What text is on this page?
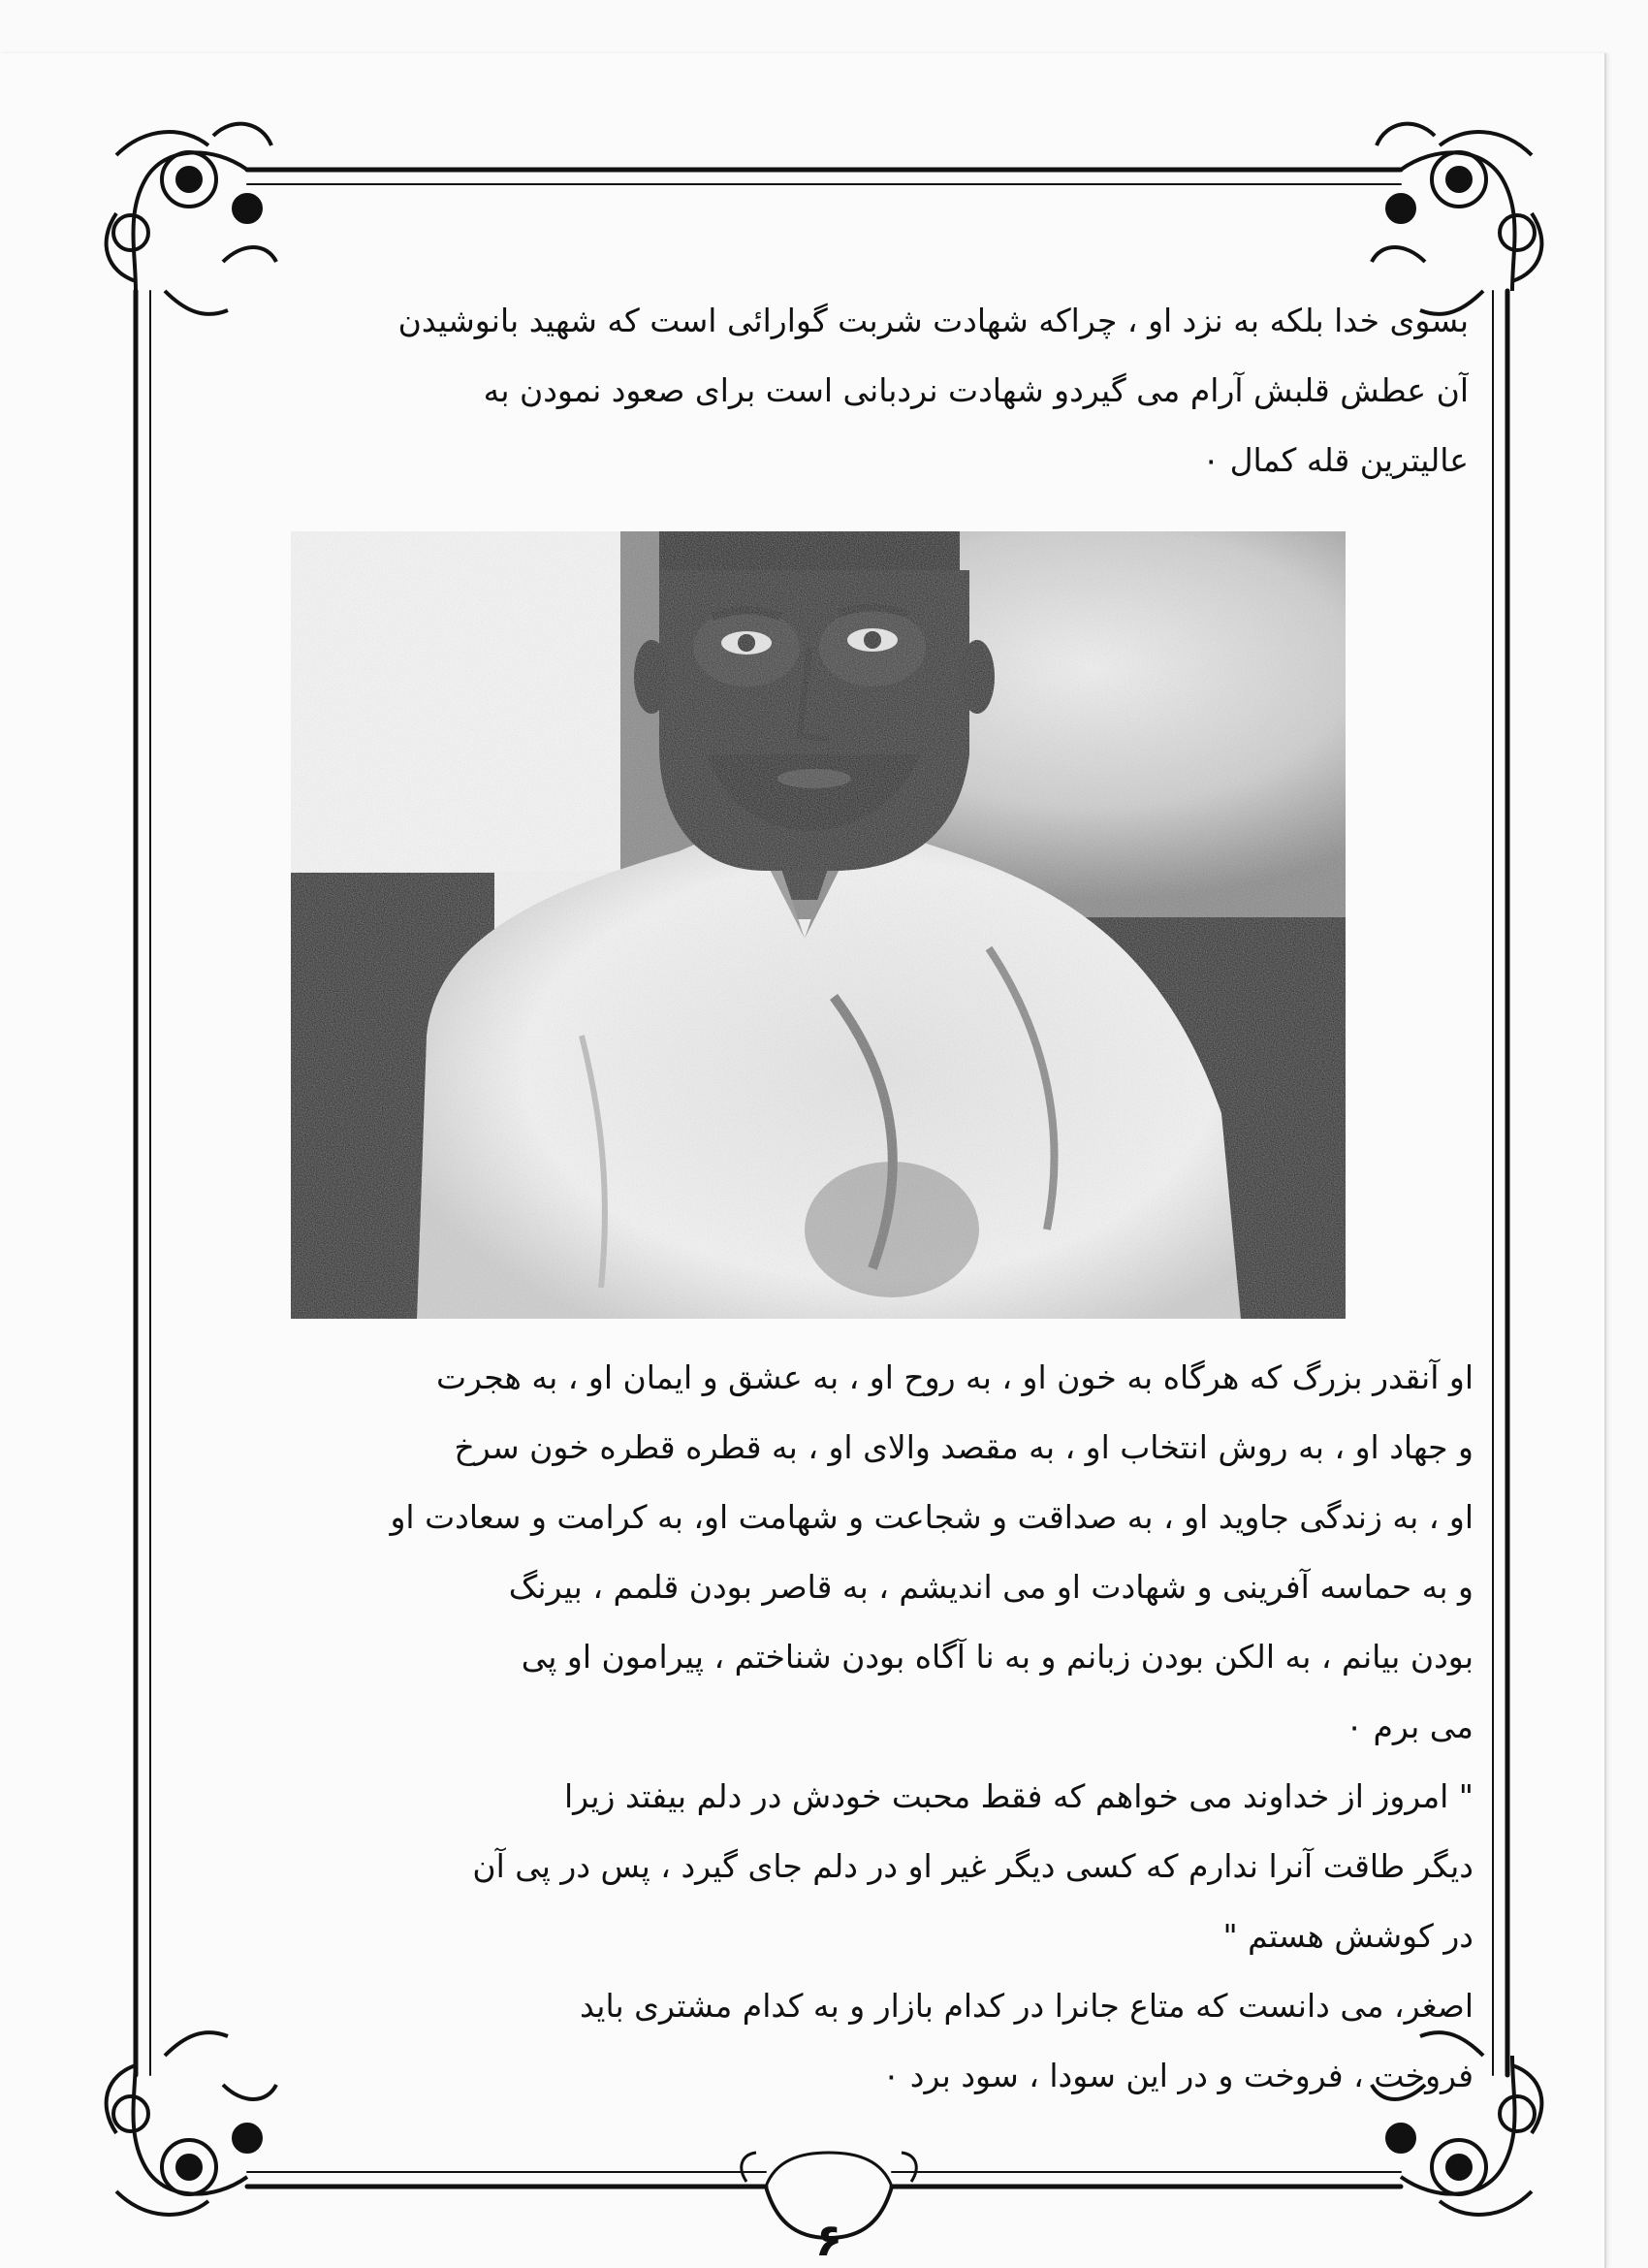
بسوی خدا بلکه به نزد او ، چراکه شهادت شربت گوارائی است که شهید بانوشیدن
آن عطش قلبش آرام می گیردو شهادت نردبانی است برای صعود نمودن به
عالیترین قله کمال ٠
او آنقدر بزرگ که هرگاه به خون او ، به روح او ، به عشق و ایمان او ، به هجرت
و جهاد او ، به روش انتخاب او ، به مقصد والای او ، به قطره قطره خون سرخ
او ، به زندگی جاوید او ، به صداقت و شجاعت و شهامت او، به کرامت و سعادت او
و به حماسه آفرینی و شهادت او می اندیشم ، به قاصر بودن قلمم ، بیرنگ
بودن بیانم ، به الکن بودن زبانم و به نا آگاه بودن شناختم ، پیرامون او پی
می برم ٠
" امروز از خداوند می خواهم که فقط محبت خودش در دلم بیفتد زیرا
دیگر طاقت آنرا ندارم که کسی دیگر غیر او در دلم جای گیرد ، پس در پی آن
در کوشش هستم "
اصغر، می دانست که متاع جانرا در کدام بازار و به کدام مشتری باید
فروخت ، فروخت و در این سودا ، سود برد ٠
۶
